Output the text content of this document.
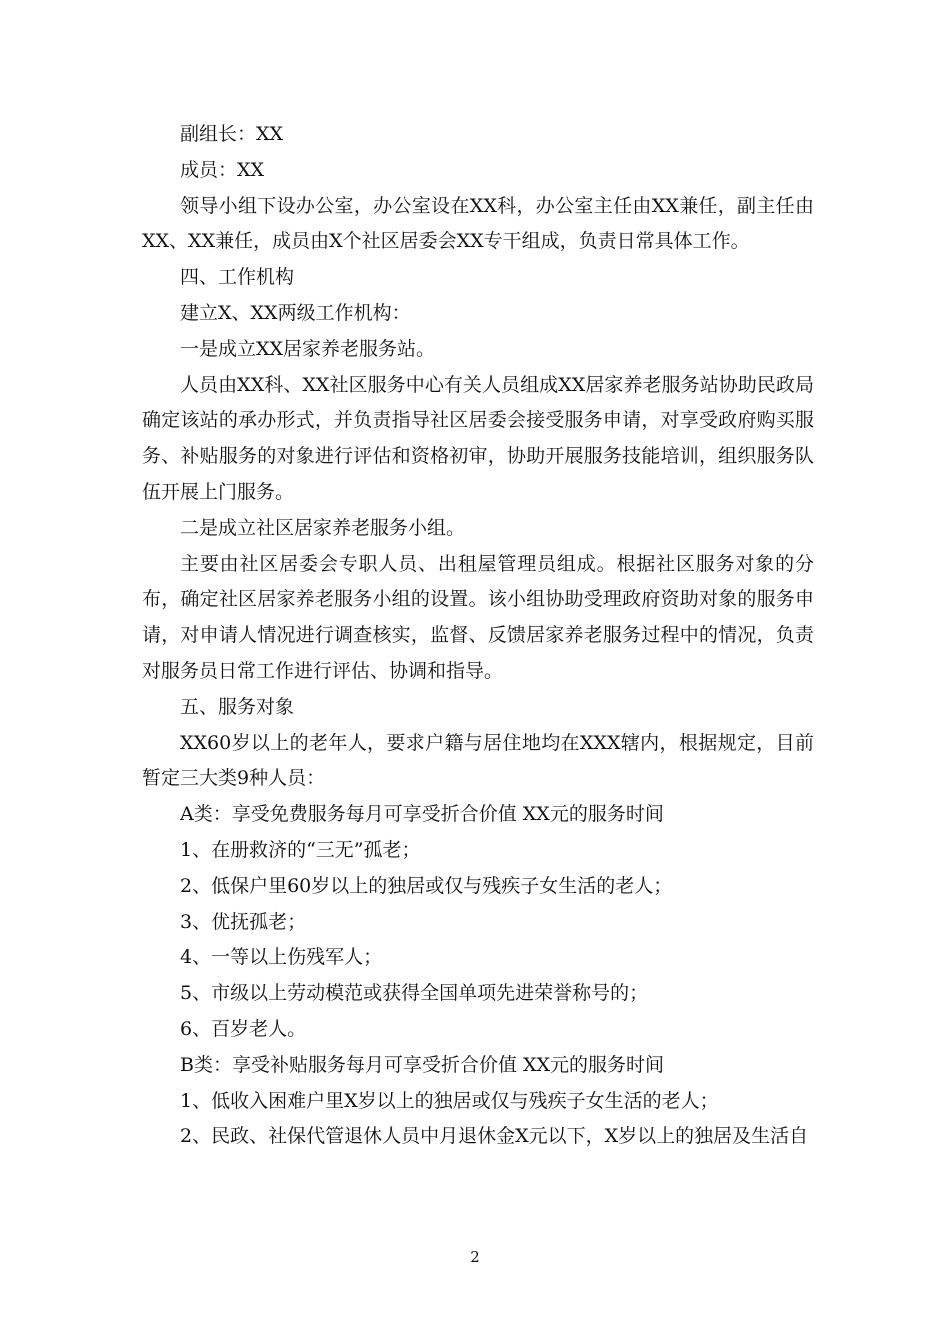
副组长：XX

成员：XX

领导小组下设办公室，办公室设在XX科，办公室主任由XX兼任，副主任由XX、XX兼任，成员由X个社区居委会XX专干组成，负责日常具体工作。

四、工作机构

建立X、XX两级工作机构：

一是成立XX居家养老服务站。

人员由XX科、XX社区服务中心有关人员组成XX居家养老服务站协助民政局确定该站的承办形式，并负责指导社区居委会接受服务申请，对享受政府购买服务、补贴服务的对象进行评估和资格初审，协助开展服务技能培训，组织服务队伍开展上门服务。

二是成立社区居家养老服务小组。

主要由社区居委会专职人员、出租屋管理员组成。根据社区服务对象的分布，确定社区居家养老服务小组的设置。该小组协助受理政府资助对象的服务申请，对申请人情况进行调查核实，监督、反馈居家养老服务过程中的情况，负责对服务员日常工作进行评估、协调和指导。

五、服务对象

XX60岁以上的老年人，要求户籍与居住地均在XXX辖内，根据规定，目前暂定三大类9种人员：

A类：享受免费服务每月可享受折合价值 XX元的服务时间

1、在册救济的“三无”孤老；

2、低保户里60岁以上的独居或仅与残疾子女生活的老人；

3、优抚孤老；

4、一等以上伤残军人；

5、市级以上劳动模范或获得全国单项先进荣誉称号的；

6、百岁老人。

B类：享受补贴服务每月可享受折合价值 XX元的服务时间

1、低收入困难户里X岁以上的独居或仅与残疾子女生活的老人；

2、民政、社保代管退休人员中月退休金X元以下，X岁以上的独居及生活自

2
